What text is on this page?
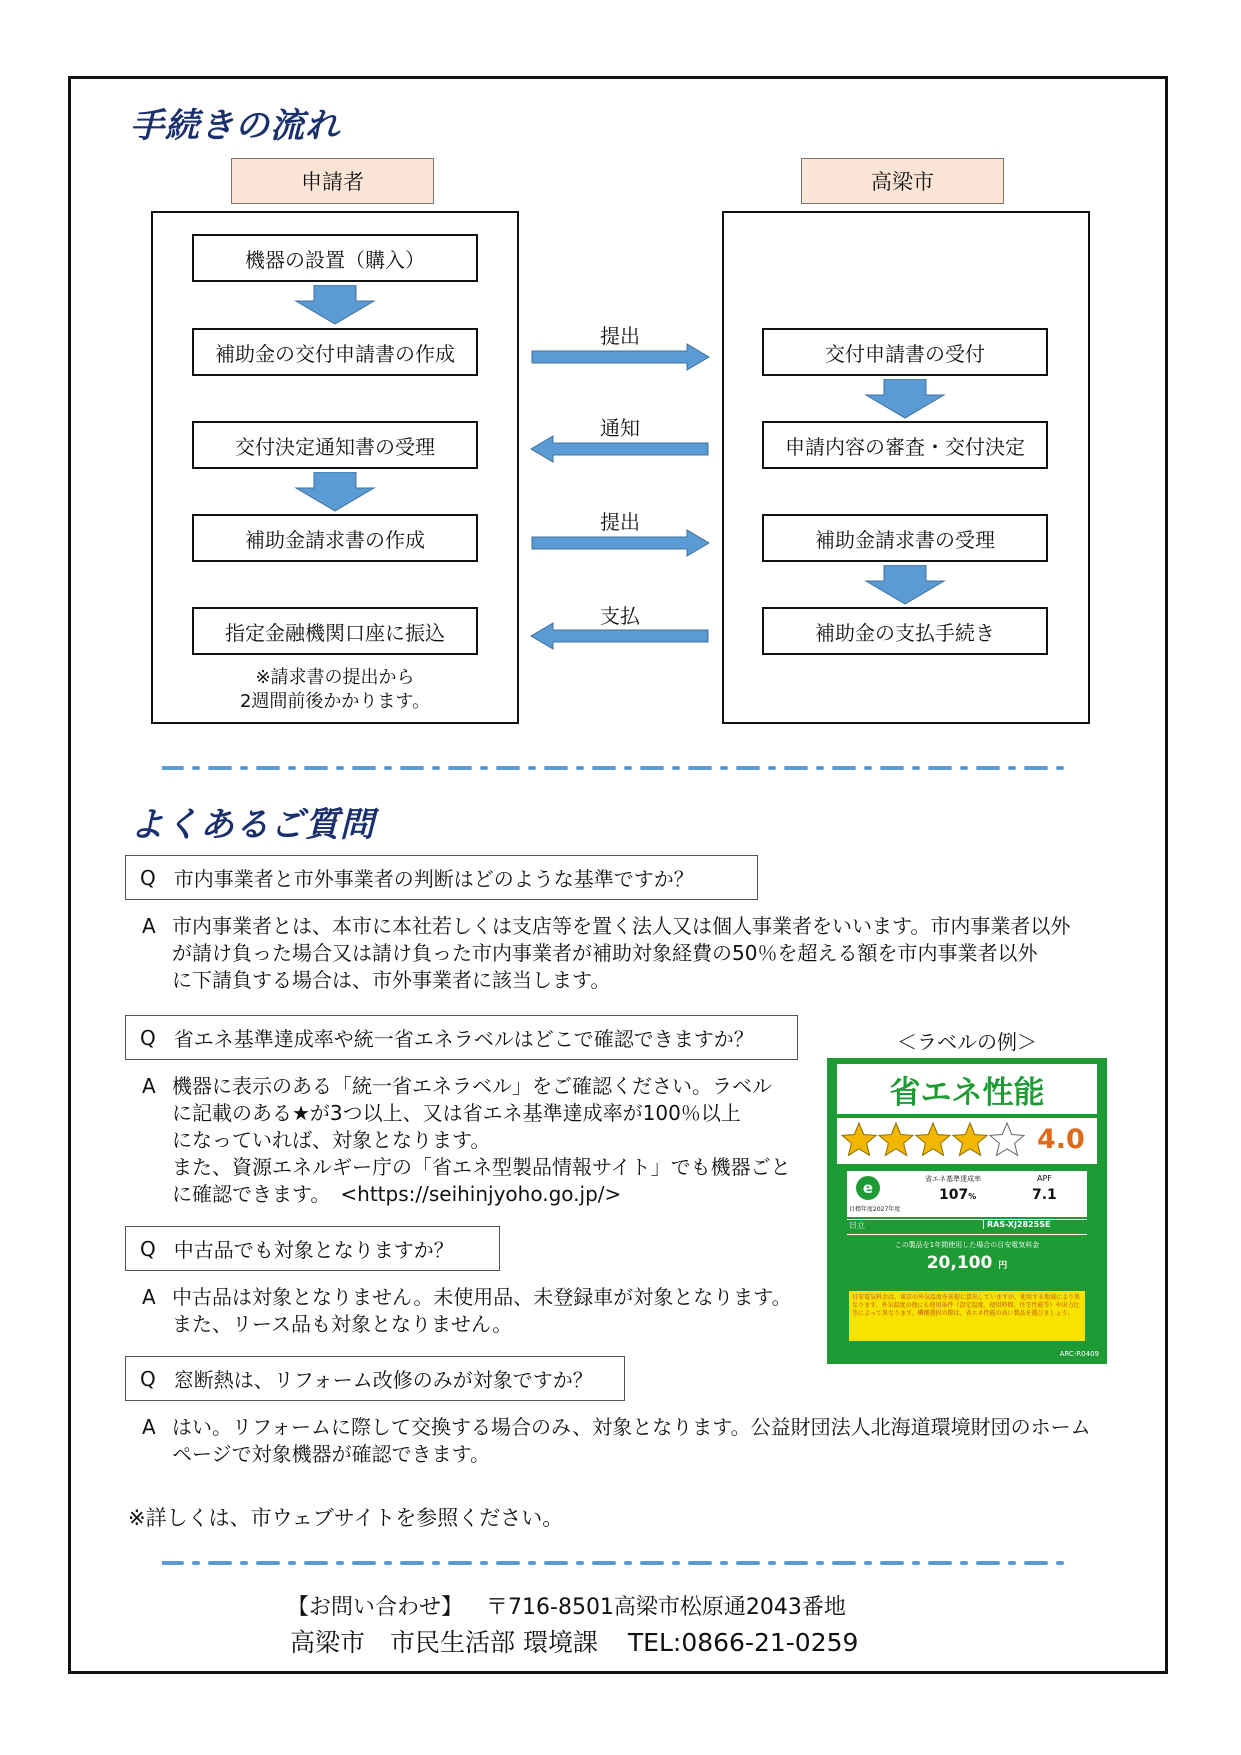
手続きの流れ
申請者	高梁市
機器の設置（購入）
補助金の交付申請書の作成
交付決定通知書の受理
補助金請求書の作成
指定金融機関口座に振込
交付申請書の受付
申請内容の審査・交付決定
補助金請求書の受理
補助金の支払手続き
提出
通知
提出
支払
※請求書の提出から
2週間前後かかります。
よくあるご質問
Q 市内事業者と市外事業者の判断はどのような基準ですか？
A 市内事業者とは、本市に本社若しくは支店等を置く法人又は個人事業者をいいます。市内事業者以外
が請け負った場合又は請け負った市内事業者が補助対象経費の50％を超える額を市内事業者以外
に下請負する場合は、市外事業者に該当します。
Q 省エネ基準達成率や統一省エネラベルはどこで確認できますか？
A 機器に表示のある「統一省エネラベル」をご確認ください。ラベル
に記載のある★が3つ以上、又は省エネ基準達成率が100％以上
になっていれば、対象となります。
また、資源エネルギー庁の「省エネ型製品情報サイト」でも機器ごと
に確認できます。　<https://seihinjyoho.go.jp/>
＜ラベルの例＞
省エネ性能
4.0
e
目標年度2027年度
省エネ基準達成率
107%
APF
7.1
日立	RAS-XJ2825SE
この製品を1年間使用した場合の目安電気料金
20,100 円
目安電気料金は、東京の外気温度を前提に算出していますが、使用する地域により異なります。外気温度の他にも使用条件（設定温度、使用時間、住宅性能等）や出力比等によって異なります。機種選択の際は、省エネ性能の高い製品を選びましょう。
ARC-R0409
Q 中古品でも対象となりますか？
A 中古品は対象となりません。未使用品、未登録車が対象となります。
また、リース品も対象となりません。
Q 窓断熱は、リフォーム改修のみが対象ですか？
A はい。リフォームに際して交換する場合のみ、対象となります。公益財団法人北海道環境財団のホーム
ページで対象機器が確認できます。
※詳しくは、市ウェブサイトを参照ください。
【お問い合わせ】 〒716-8501高梁市松原通2043番地
高梁市　市民生活部 環境課 TEL:0866-21-0259
